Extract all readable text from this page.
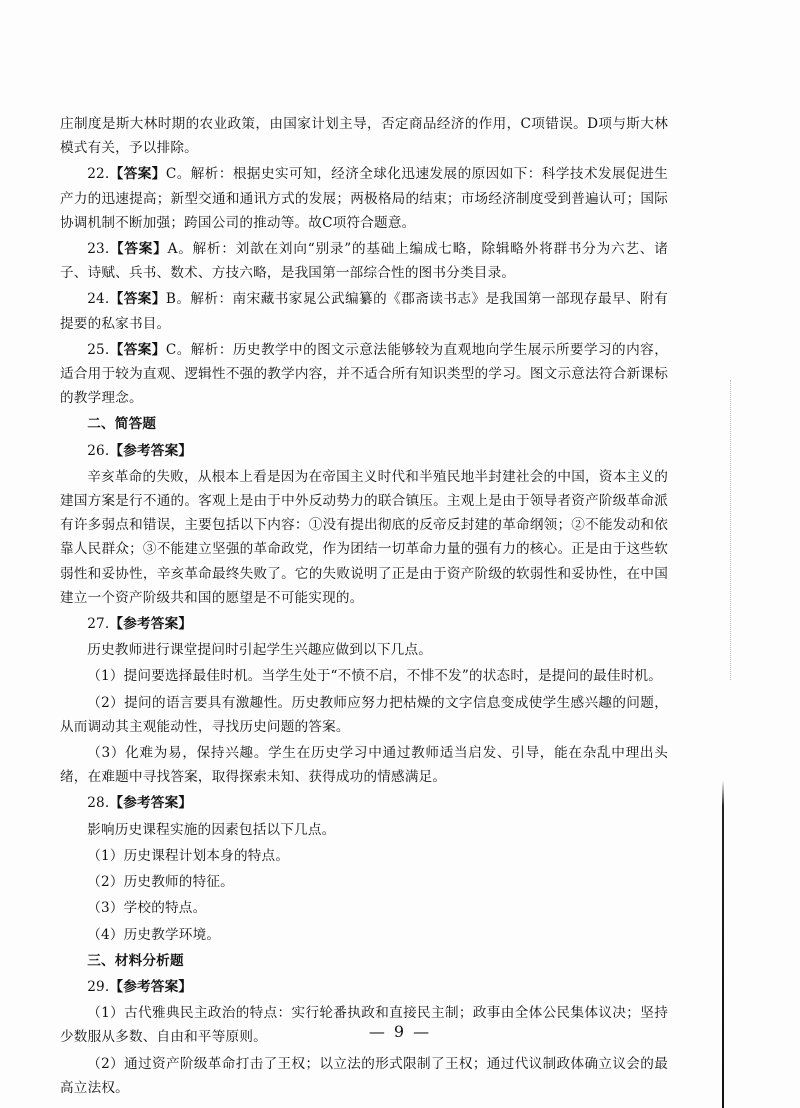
庄制度是斯大林时期的农业政策，由国家计划主导，否定商品经济的作用，C项错误。D项与斯大林模式有关，予以排除。

22.【答案】C。解析：根据史实可知，经济全球化迅速发展的原因如下：科学技术发展促进生产力的迅速提高；新型交通和通讯方式的发展；两极格局的结束；市场经济制度受到普遍认可；国际协调机制不断加强；跨国公司的推动等。故C项符合题意。

23.【答案】A。解析：刘歆在刘向“别录”的基础上编成七略，除辑略外将群书分为六艺、诸子、诗赋、兵书、数术、方技六略，是我国第一部综合性的图书分类目录。

24.【答案】B。解析：南宋藏书家晁公武编纂的《郡斋读书志》是我国第一部现存最早、附有提要的私家书目。

25.【答案】C。解析：历史教学中的图文示意法能够较为直观地向学生展示所要学习的内容，适合用于较为直观、逻辑性不强的教学内容，并不适合所有知识类型的学习。图文示意法符合新课标的教学理念。

二、简答题

26.【参考答案】

辛亥革命的失败，从根本上看是因为在帝国主义时代和半殖民地半封建社会的中国，资本主义的建国方案是行不通的。客观上是由于中外反动势力的联合镇压。主观上是由于领导者资产阶级革命派有许多弱点和错误，主要包括以下内容：①没有提出彻底的反帝反封建的革命纲领；②不能发动和依靠人民群众；③不能建立坚强的革命政党，作为团结一切革命力量的强有力的核心。正是由于这些软弱性和妥协性，辛亥革命最终失败了。它的失败说明了正是由于资产阶级的软弱性和妥协性，在中国建立一个资产阶级共和国的愿望是不可能实现的。

27.【参考答案】

历史教师进行课堂提问时引起学生兴趣应做到以下几点。

（1）提问要选择最佳时机。当学生处于“不愤不启，不悱不发”的状态时，是提问的最佳时机。

（2）提问的语言要具有激趣性。历史教师应努力把枯燥的文字信息变成使学生感兴趣的问题，从而调动其主观能动性，寻找历史问题的答案。

（3）化难为易，保持兴趣。学生在历史学习中通过教师适当启发、引导，能在杂乱中理出头绪，在难题中寻找答案，取得探索未知、获得成功的情感满足。

28.【参考答案】

影响历史课程实施的因素包括以下几点。

（1）历史课程计划本身的特点。

（2）历史教师的特征。

（3）学校的特点。

（4）历史教学环境。

三、材料分析题

29.【参考答案】

（1）古代雅典民主政治的特点：实行轮番执政和直接民主制；政事由全体公民集体议决；坚持少数服从多数、自由和平等原则。

（2）通过资产阶级革命打击了王权；以立法的形式限制了王权；通过代议制政体确立议会的最高立法权。

— 9 —
